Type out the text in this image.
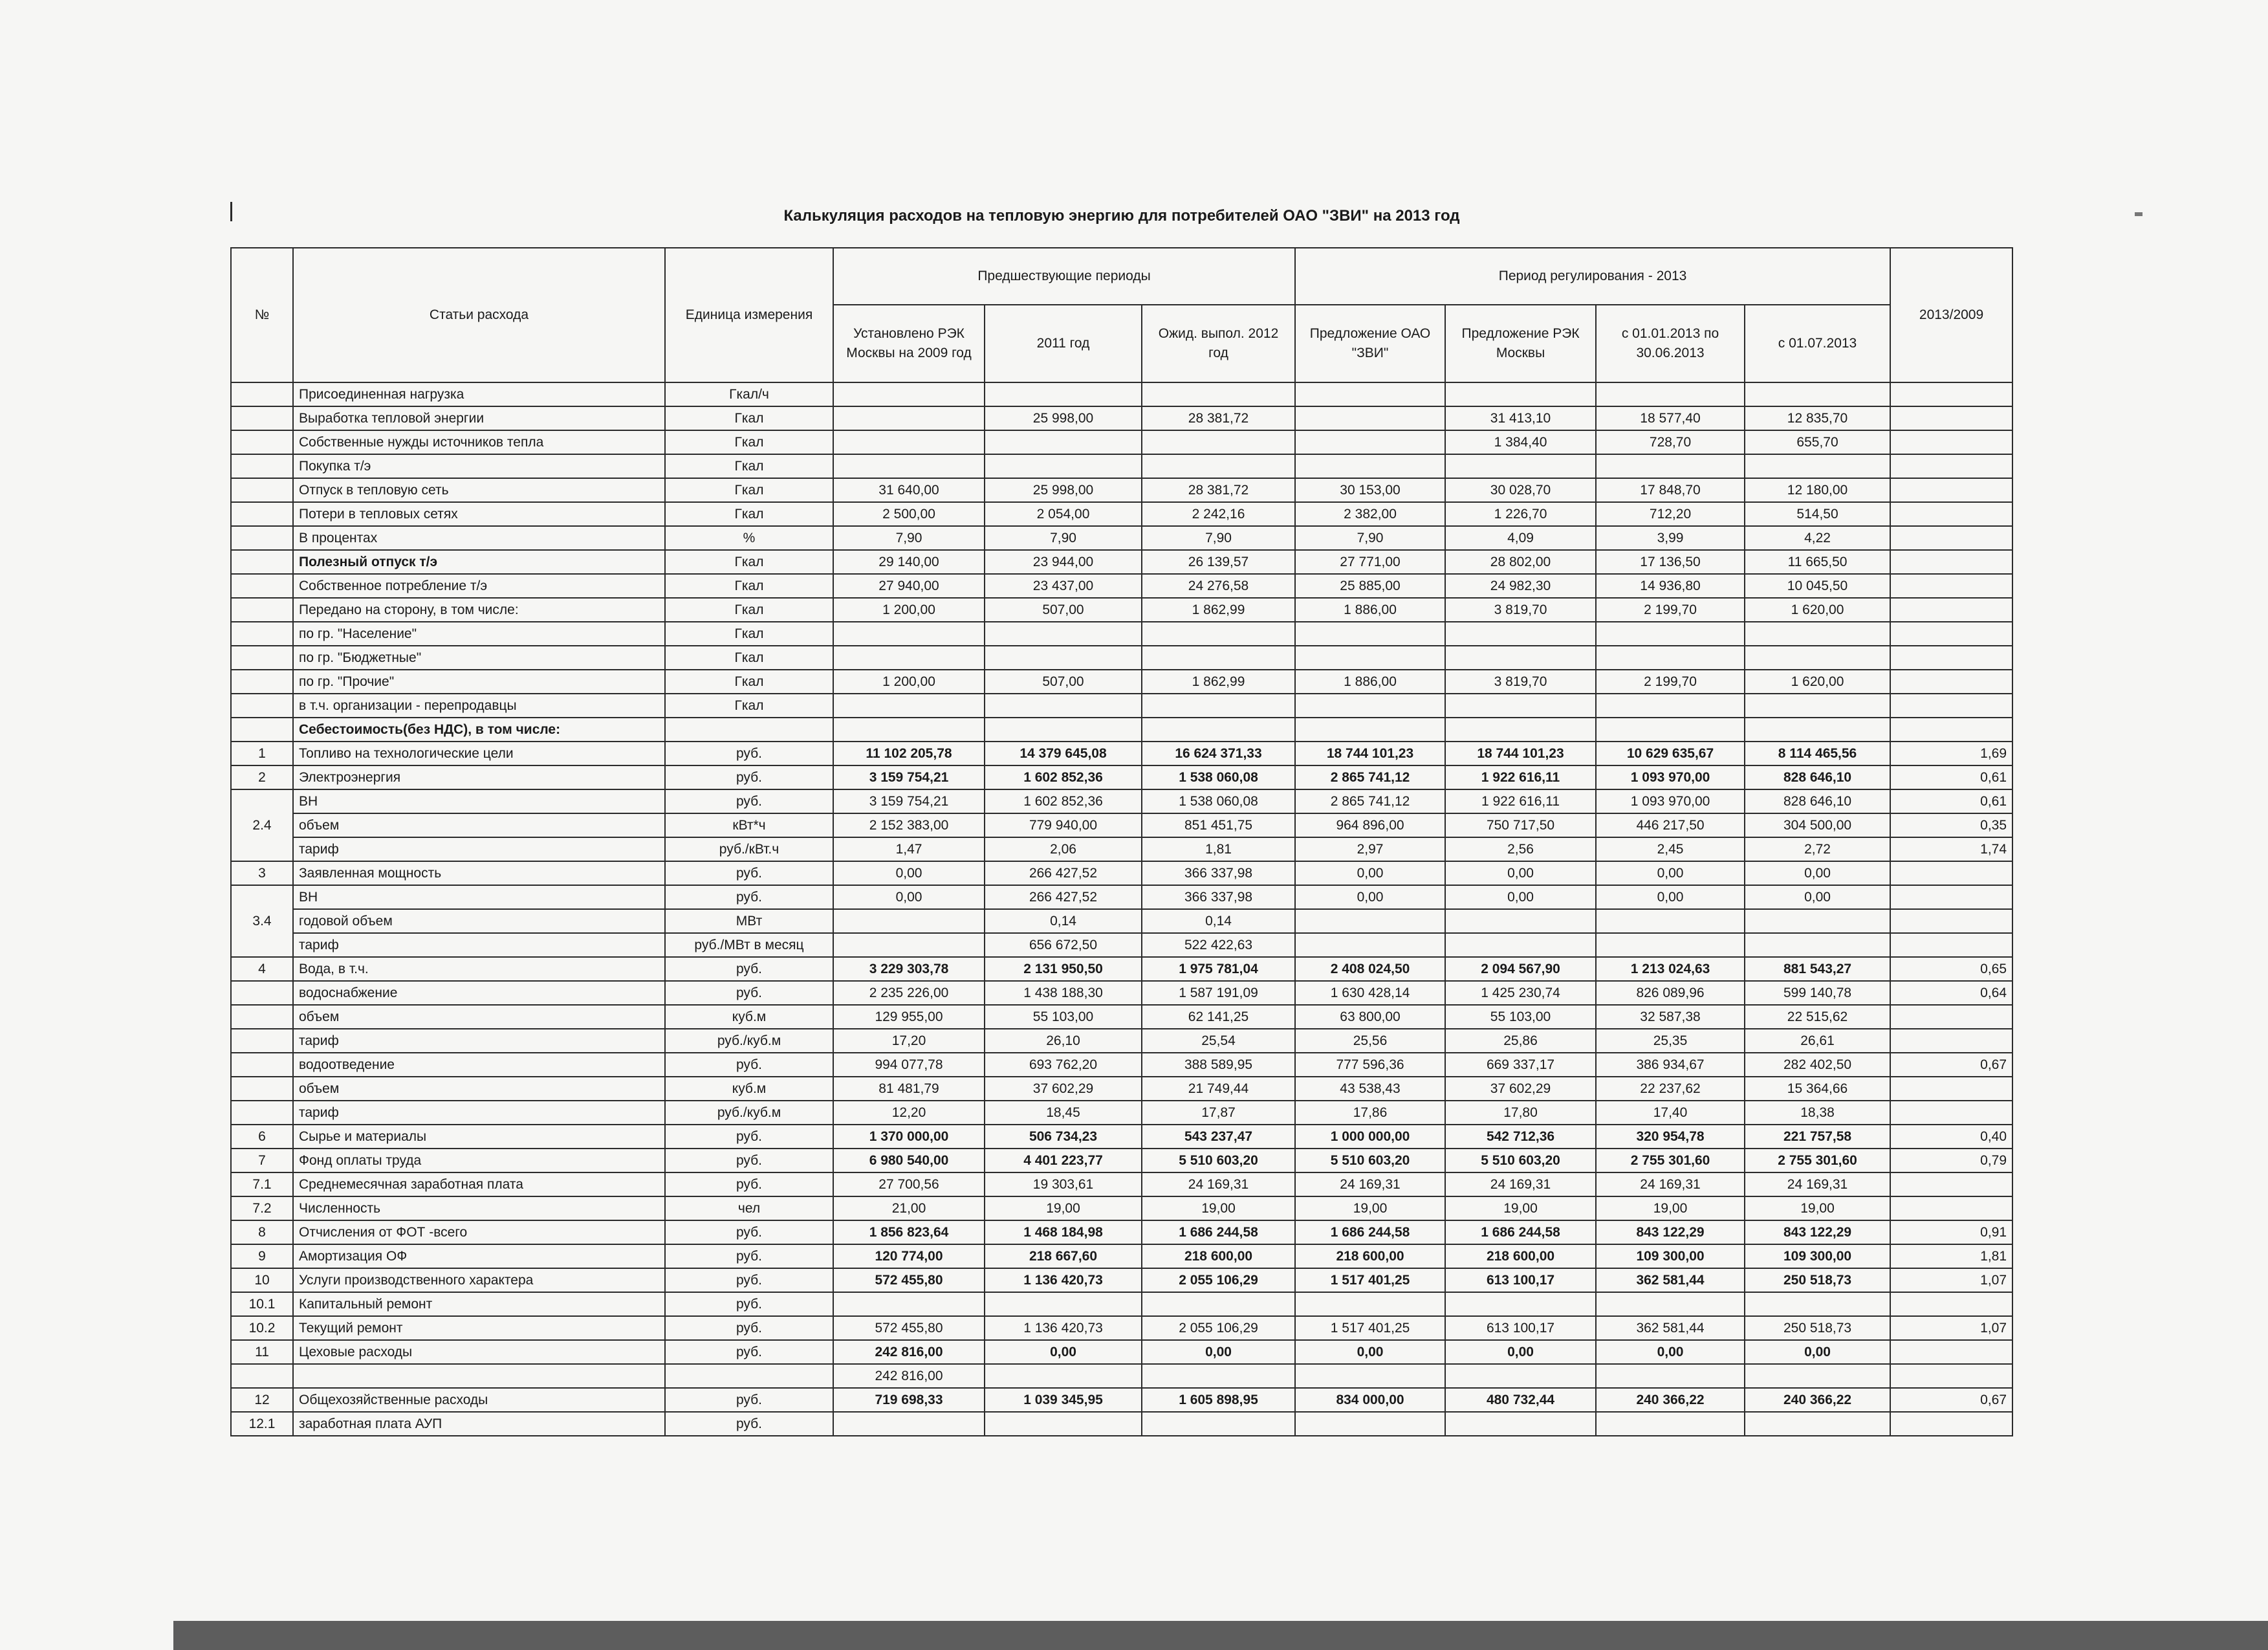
Калькуляция расходов на тепловую энергию для потребителей ОАО "ЗВИ" на 2013 год
№	Статьи расхода	Единица измерения	Предшествующие периоды			Период регулирования - 2013				2013/2009
			Установлено РЭК Москвы на 2009 год	2011 год	Ожид. выпол. 2012 год	Предложение ОАО "ЗВИ"	Предложение РЭК Москвы	с 01.01.2013 по 30.06.2013	с 01.07.2013	
	Присоединенная нагрузка	Гкал/ч								
	Выработка тепловой энергии	Гкал		25 998,00	28 381,72		31 413,10	18 577,40	12 835,70	
	Собственные нужды источников тепла	Гкал					1 384,40	728,70	655,70	
	Покупка т/э	Гкал								
	Отпуск в тепловую сеть	Гкал	31 640,00	25 998,00	28 381,72	30 153,00	30 028,70	17 848,70	12 180,00	
	Потери в тепловых сетях	Гкал	2 500,00	2 054,00	2 242,16	2 382,00	1 226,70	712,20	514,50	
	В процентах	%	7,90	7,90	7,90	7,90	4,09	3,99	4,22	
	Полезный отпуск т/э	Гкал	29 140,00	23 944,00	26 139,57	27 771,00	28 802,00	17 136,50	11 665,50	
	Собственное потребление т/э	Гкал	27 940,00	23 437,00	24 276,58	25 885,00	24 982,30	14 936,80	10 045,50	
	Передано на сторону, в том числе:	Гкал	1 200,00	507,00	1 862,99	1 886,00	3 819,70	2 199,70	1 620,00	
	по гр. "Население"	Гкал								
	по гр. "Бюджетные"	Гкал								
	по гр. "Прочие"	Гкал	1 200,00	507,00	1 862,99	1 886,00	3 819,70	2 199,70	1 620,00	
	в т.ч. организации - перепродавцы	Гкал								
	Себестоимость(без НДС), в том числе:									
1	Топливо на технологические цели	руб.	11 102 205,78	14 379 645,08	16 624 371,33	18 744 101,23	18 744 101,23	10 629 635,67	8 114 465,56	1,69
2	Электроэнергия	руб.	3 159 754,21	1 602 852,36	1 538 060,08	2 865 741,12	1 922 616,11	1 093 970,00	828 646,10	0,61
2.4	ВН	руб.	3 159 754,21	1 602 852,36	1 538 060,08	2 865 741,12	1 922 616,11	1 093 970,00	828 646,10	0,61
	объем	кВт*ч	2 152 383,00	779 940,00	851 451,75	964 896,00	750 717,50	446 217,50	304 500,00	0,35
	тариф	руб./кВт.ч	1,47	2,06	1,81	2,97	2,56	2,45	2,72	1,74
3	Заявленная мощность	руб.	0,00	266 427,52	366 337,98	0,00	0,00	0,00	0,00	
3.4	ВН	руб.	0,00	266 427,52	366 337,98	0,00	0,00	0,00	0,00	
	годовой объем	МВт		0,14	0,14					
	тариф	руб./МВт в месяц		656 672,50	522 422,63					
4	Вода, в т.ч.	руб.	3 229 303,78	2 131 950,50	1 975 781,04	2 408 024,50	2 094 567,90	1 213 024,63	881 543,27	0,65
	водоснабжение	руб.	2 235 226,00	1 438 188,30	1 587 191,09	1 630 428,14	1 425 230,74	826 089,96	599 140,78	0,64
	объем	куб.м	129 955,00	55 103,00	62 141,25	63 800,00	55 103,00	32 587,38	22 515,62	
	тариф	руб./куб.м	17,20	26,10	25,54	25,56	25,86	25,35	26,61	
	водоотведение	руб.	994 077,78	693 762,20	388 589,95	777 596,36	669 337,17	386 934,67	282 402,50	0,67
	объем	куб.м	81 481,79	37 602,29	21 749,44	43 538,43	37 602,29	22 237,62	15 364,66	
	тариф	руб./куб.м	12,20	18,45	17,87	17,86	17,80	17,40	18,38	
6	Сырье и материалы	руб.	1 370 000,00	506 734,23	543 237,47	1 000 000,00	542 712,36	320 954,78	221 757,58	0,40
7	Фонд оплаты труда	руб.	6 980 540,00	4 401 223,77	5 510 603,20	5 510 603,20	5 510 603,20	2 755 301,60	2 755 301,60	0,79
7.1	Среднемесячная заработная плата	руб.	27 700,56	19 303,61	24 169,31	24 169,31	24 169,31	24 169,31	24 169,31	
7.2	Численность	чел	21,00	19,00	19,00	19,00	19,00	19,00	19,00	
8	Отчисления от ФОТ -всего	руб.	1 856 823,64	1 468 184,98	1 686 244,58	1 686 244,58	1 686 244,58	843 122,29	843 122,29	0,91
9	Амортизация ОФ	руб.	120 774,00	218 667,60	218 600,00	218 600,00	218 600,00	109 300,00	109 300,00	1,81
10	Услуги производственного характера	руб.	572 455,80	1 136 420,73	2 055 106,29	1 517 401,25	613 100,17	362 581,44	250 518,73	1,07
10.1	Капитальный ремонт	руб.								
10.2	Текущий ремонт	руб.	572 455,80	1 136 420,73	2 055 106,29	1 517 401,25	613 100,17	362 581,44	250 518,73	1,07
11	Цеховые расходы	руб.	242 816,00	0,00	0,00	0,00	0,00	0,00	0,00	
			242 816,00							
12	Общехозяйственные расходы	руб.	719 698,33	1 039 345,95	1 605 898,95	834 000,00	480 732,44	240 366,22	240 366,22	0,67
12.1	заработная плата АУП	руб.								
